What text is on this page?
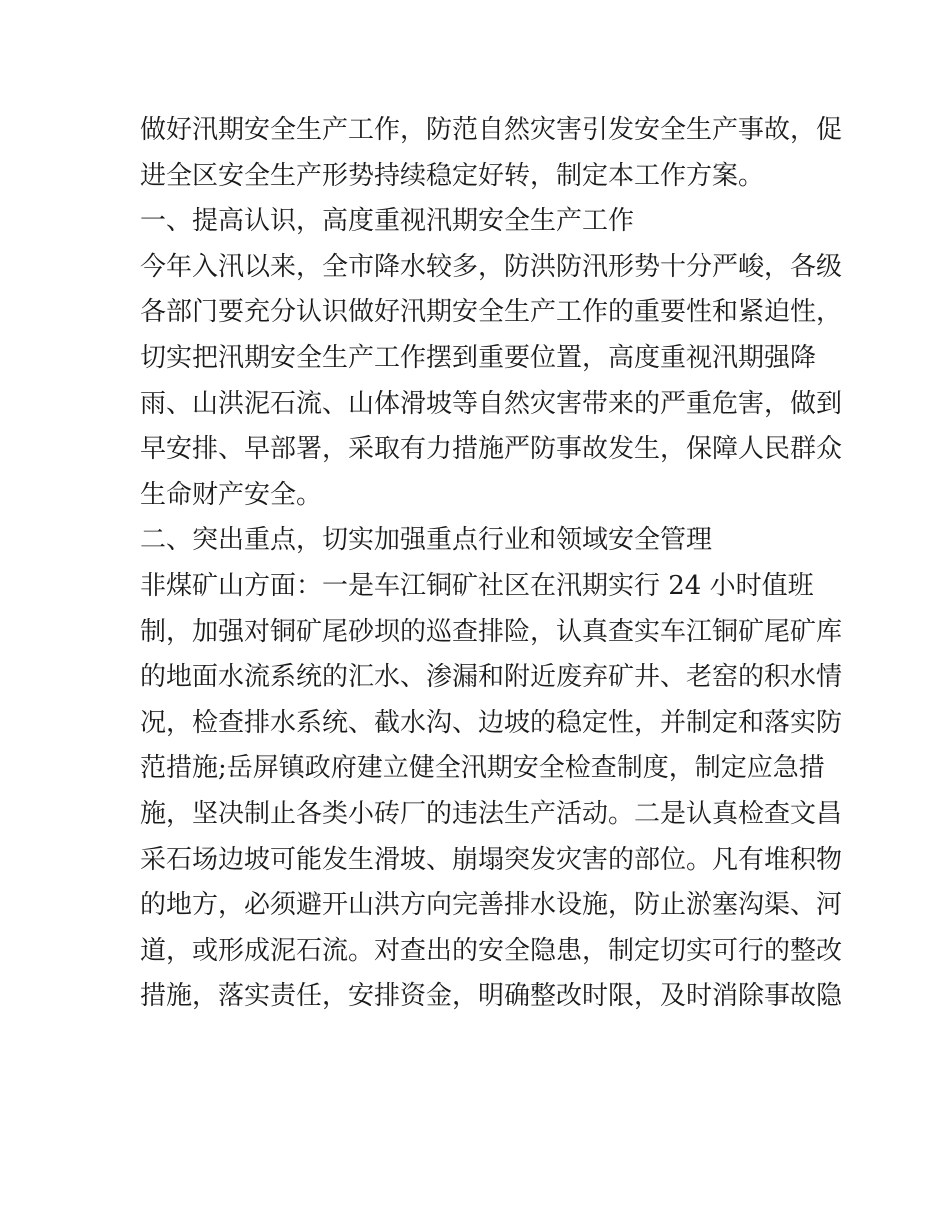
做好汛期安全生产工作，防范自然灾害引发安全生产事故，促
进全区安全生产形势持续稳定好转，制定本工作方案。
一、提高认识，高度重视汛期安全生产工作
今年入汛以来，全市降水较多，防洪防汛形势十分严峻，各级
各部门要充分认识做好汛期安全生产工作的重要性和紧迫性，
切实把汛期安全生产工作摆到重要位置，高度重视汛期强降
雨、山洪泥石流、山体滑坡等自然灾害带来的严重危害，做到
早安排、早部署，采取有力措施严防事故发生，保障人民群众
生命财产安全。
二、突出重点，切实加强重点行业和领域安全管理
非煤矿山方面：一是车江铜矿社区在汛期实行 24 小时值班
制，加强对铜矿尾砂坝的巡查排险，认真查实车江铜矿尾矿库
的地面水流系统的汇水、渗漏和附近废弃矿井、老窑的积水情
况，检查排水系统、截水沟、边坡的稳定性，并制定和落实防
范措施;岳屏镇政府建立健全汛期安全检查制度，制定应急措
施，坚决制止各类小砖厂的违法生产活动。二是认真检查文昌
采石场边坡可能发生滑坡、崩塌突发灾害的部位。凡有堆积物
的地方，必须避开山洪方向完善排水设施，防止淤塞沟渠、河
道，或形成泥石流。对查出的安全隐患，制定切实可行的整改
措施，落实责任，安排资金，明确整改时限，及时消除事故隐
